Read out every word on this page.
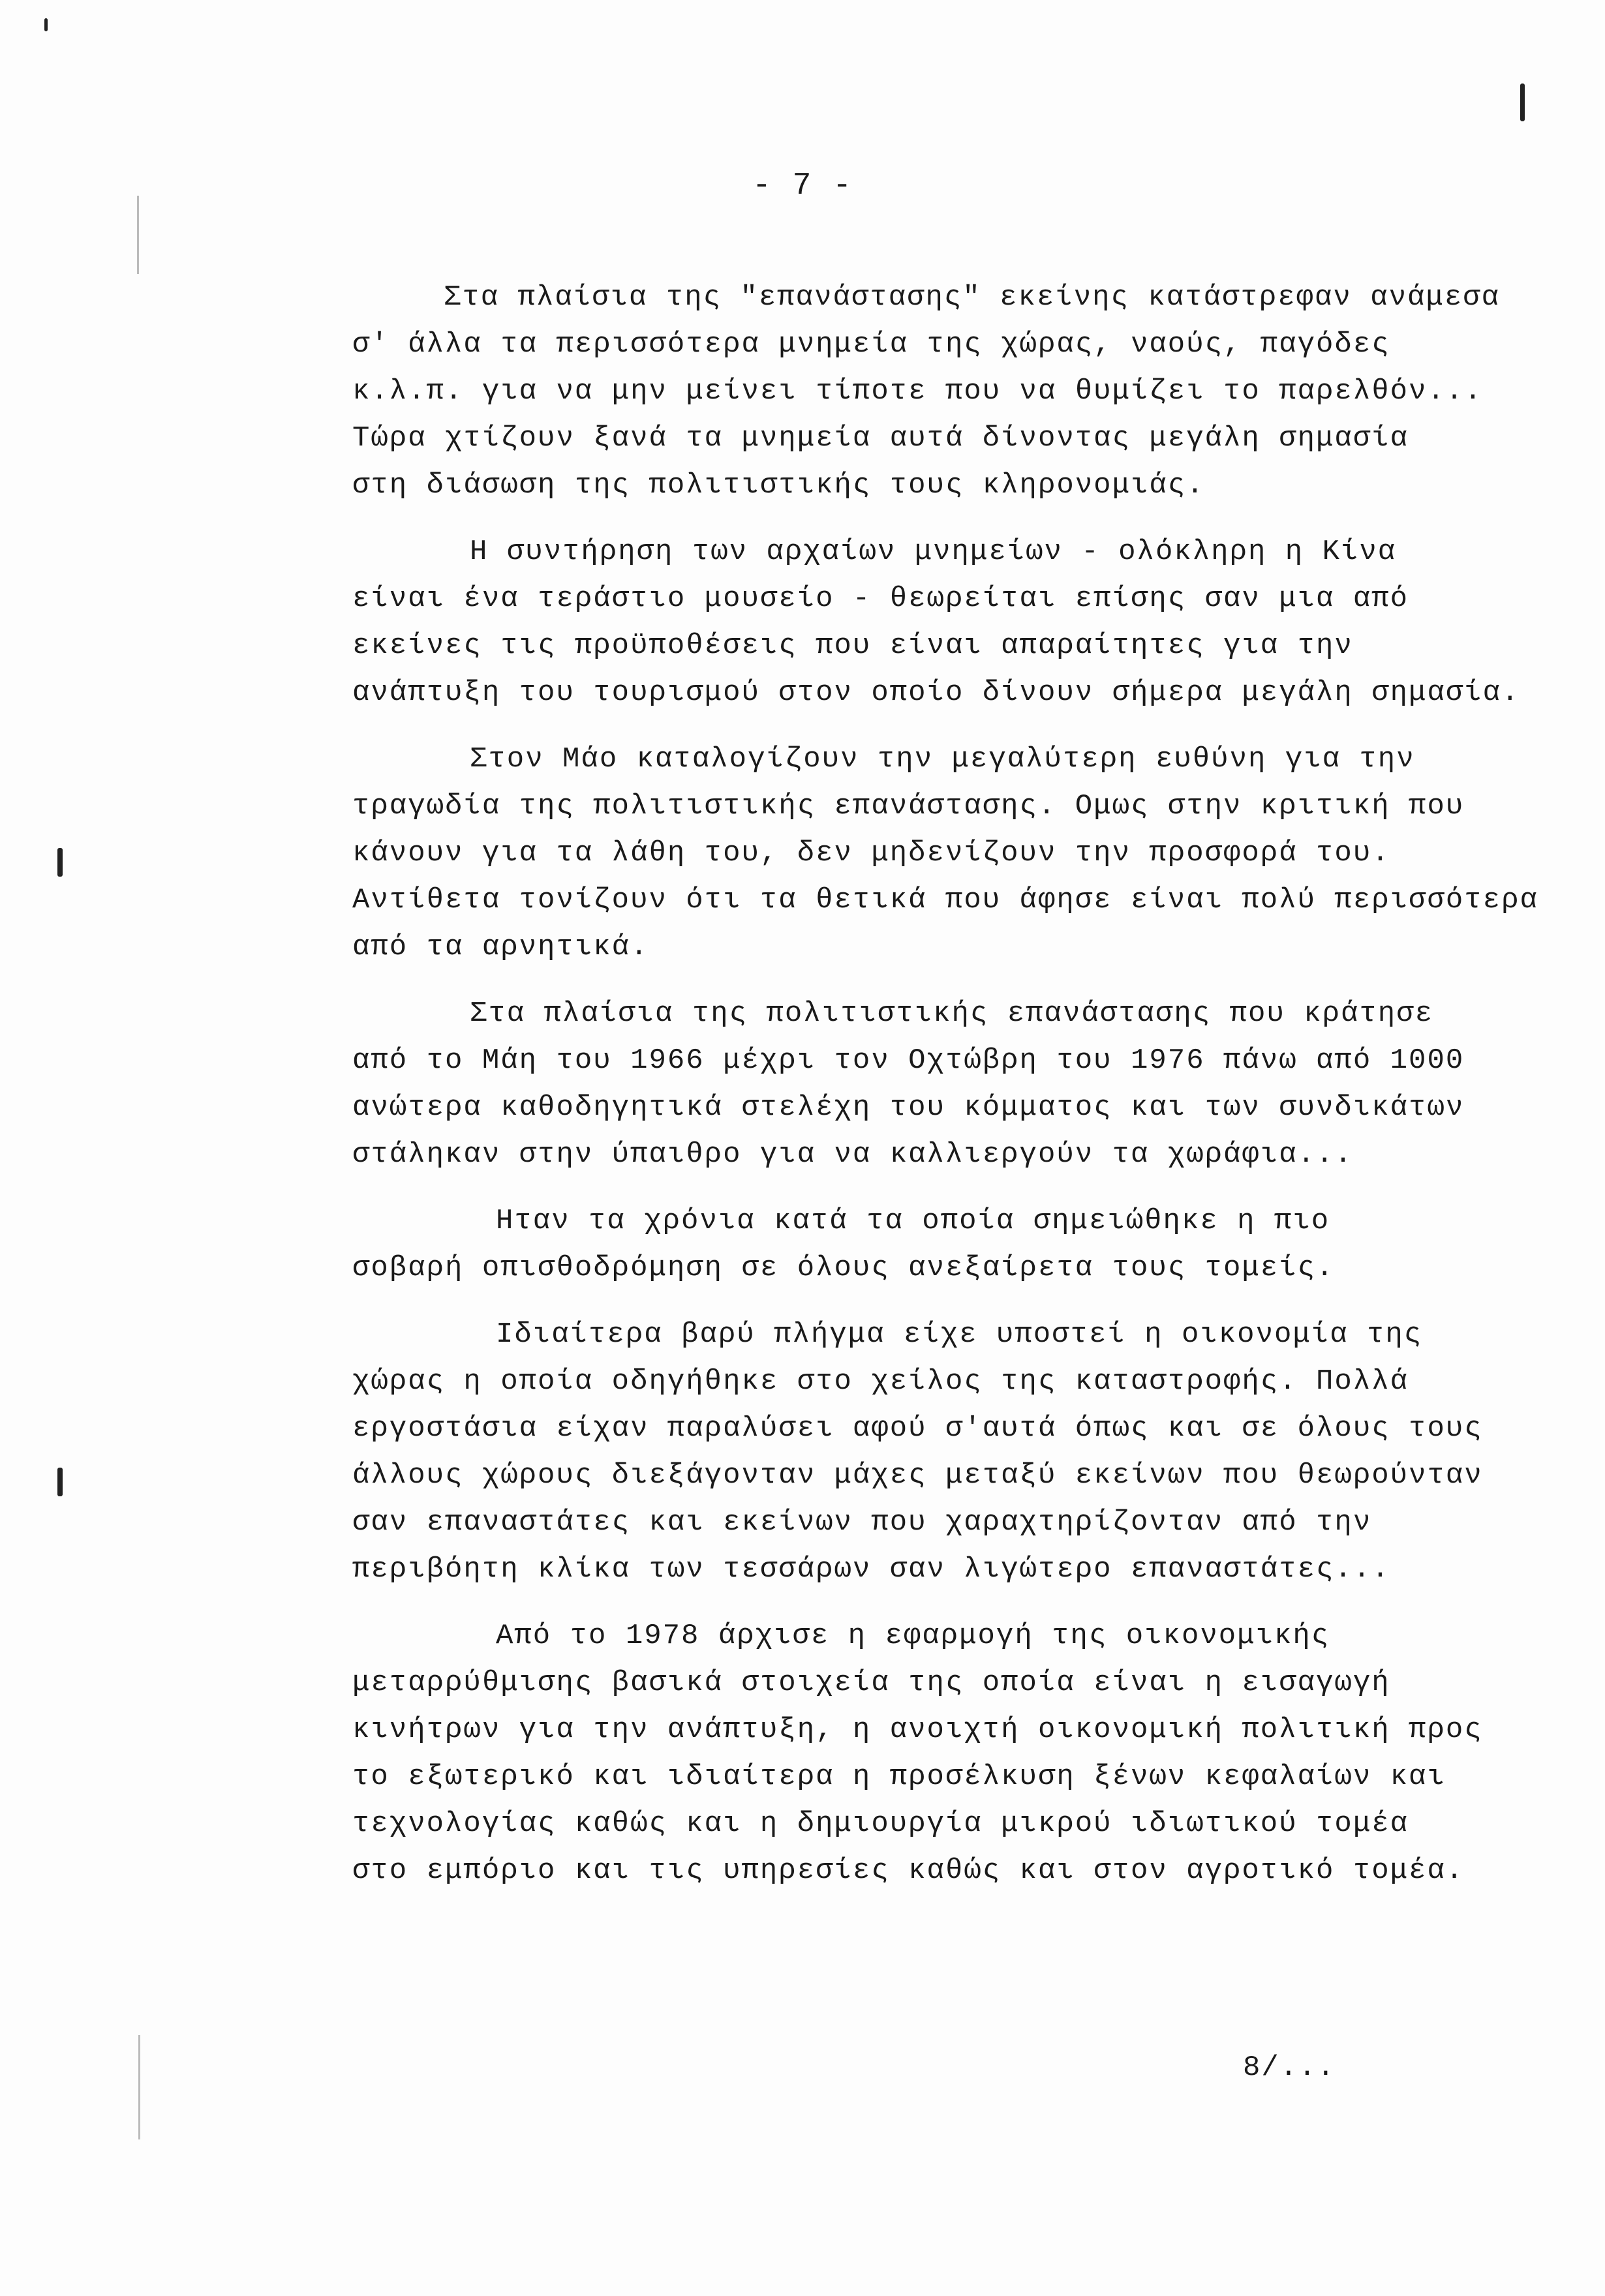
- 7 -
Στα πλαίσια της "επανάστασης" εκείνης κατάστρεφαν ανάμεσα
σ' άλλα τα περισσότερα μνημεία της χώρας, ναούς, παγόδες
κ.λ.π. για να μην μείνει τίποτε που να θυμίζει το παρελθόν...
Τώρα χτίζουν ξανά τα μνημεία αυτά δίνοντας μεγάλη σημασία
στη διάσωση της πολιτιστικής τους κληρονομιάς.
Η συντήρηση των αρχαίων μνημείων - ολόκληρη η Κίνα
είναι ένα τεράστιο μουσείο - θεωρείται επίσης σαν μια από
εκείνες τις προϋποθέσεις που είναι απαραίτητες για την
ανάπτυξη του τουρισμού στον οποίο δίνουν σήμερα μεγάλη σημασία.
Στον Μάο καταλογίζουν την μεγαλύτερη ευθύνη για την
τραγωδία της πολιτιστικής επανάστασης. Ομως στην κριτική που
κάνουν για τα λάθη του, δεν μηδενίζουν την προσφορά του.
Αντίθετα τονίζουν ότι τα θετικά που άφησε είναι πολύ περισσότερα
από τα αρνητικά.
Στα πλαίσια της πολιτιστικής επανάστασης που κράτησε
από το Μάη του 1966 μέχρι τον Οχτώβρη του 1976 πάνω από 1000
ανώτερα καθοδηγητικά στελέχη του κόμματος και των συνδικάτων
στάληκαν στην ύπαιθρο για να καλλιεργούν τα χωράφια...
Ηταν τα χρόνια κατά τα οποία σημειώθηκε η πιο
σοβαρή οπισθοδρόμηση σε όλους ανεξαίρετα τους τομείς.
Ιδιαίτερα βαρύ πλήγμα είχε υποστεί η οικονομία της
χώρας η οποία οδηγήθηκε στο χείλος της καταστροφής. Πολλά
εργοστάσια είχαν παραλύσει αφού σ'αυτά όπως και σε όλους τους
άλλους χώρους διεξάγονταν μάχες μεταξύ εκείνων που θεωρούνταν
σαν επαναστάτες και εκείνων που χαραχτηρίζονταν από την
περιβόητη κλίκα των τεσσάρων σαν λιγώτερο επαναστάτες...
Από το 1978 άρχισε η εφαρμογή της οικονομικής
μεταρρύθμισης βασικά στοιχεία της οποία είναι η εισαγωγή
κινήτρων για την ανάπτυξη, η ανοιχτή οικονομική πολιτική προς
το εξωτερικό και ιδιαίτερα η προσέλκυση ξένων κεφαλαίων και
τεχνολογίας καθώς και η δημιουργία μικρού ιδιωτικού τομέα
στο εμπόριο και τις υπηρεσίες καθώς και στον αγροτικό τομέα.
8/...
